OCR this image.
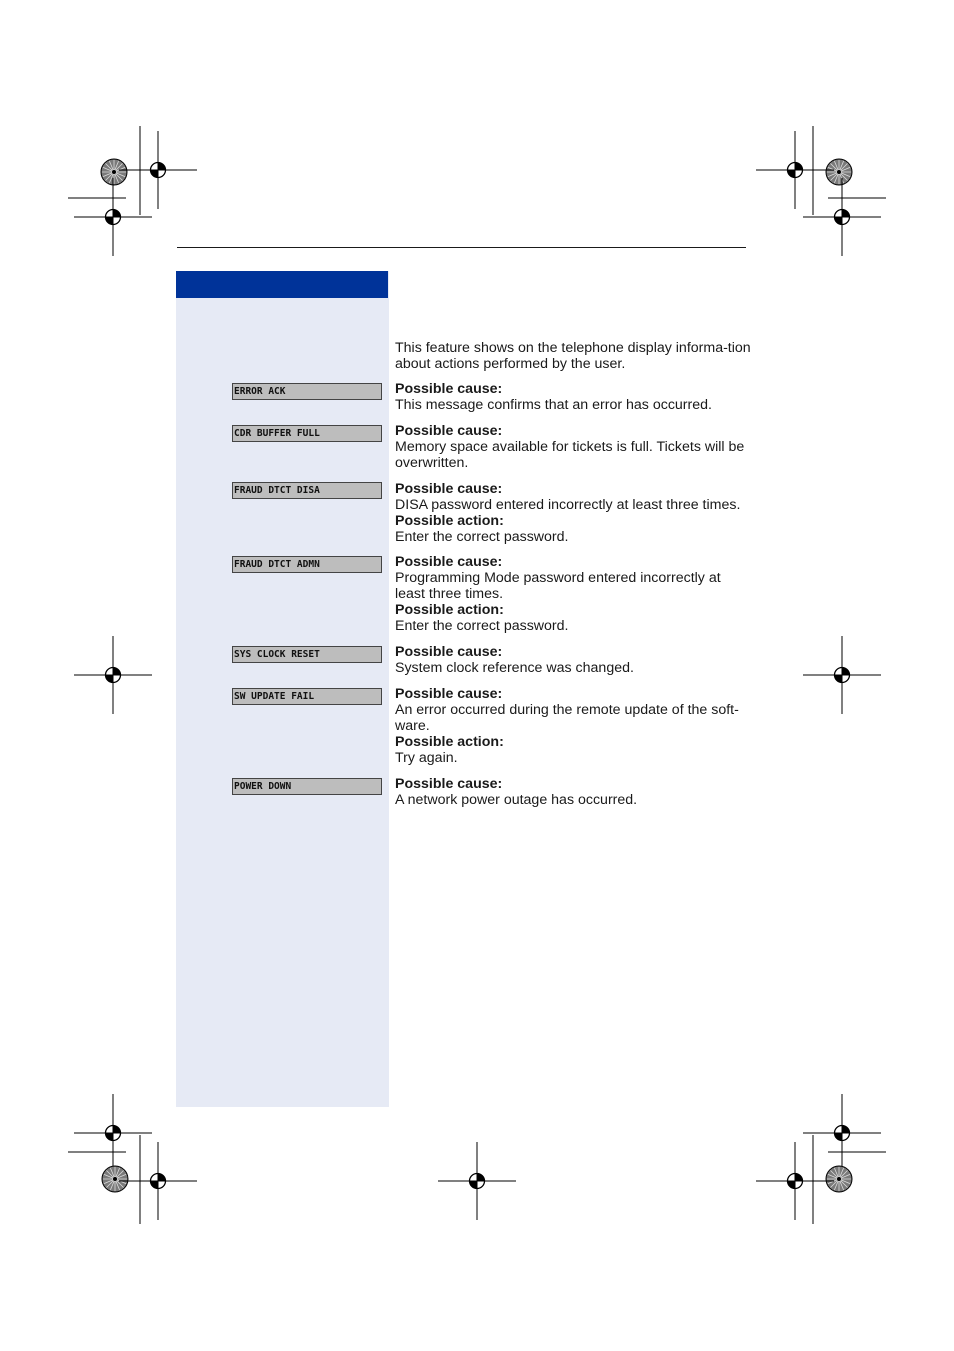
This feature shows on the telephone display informa-tion about actions performed by the user.
ERROR ACK	Possible cause:

This message confirms that an error has occurred.

CDR BUFFER FULL	Possible cause:

Memory space available for tickets is full. Tickets will be overwritten.

FRAUD DTCT DISA	Possible cause:

DISA password entered incorrectly at least three times.

Possible action:

Enter the correct password.

FRAUD DTCT ADMN	Possible cause:

Programming Mode password entered incorrectly at least three times.

Possible action:

Enter the correct password.

SYS CLOCK RESET	Possible cause:

System clock reference was changed.

SW UPDATE FAIL	Possible cause:

An error occurred during the remote update of the soft-ware.

Possible action:

Try again.

POWER DOWN	Possible cause:

A network power outage has occurred.
